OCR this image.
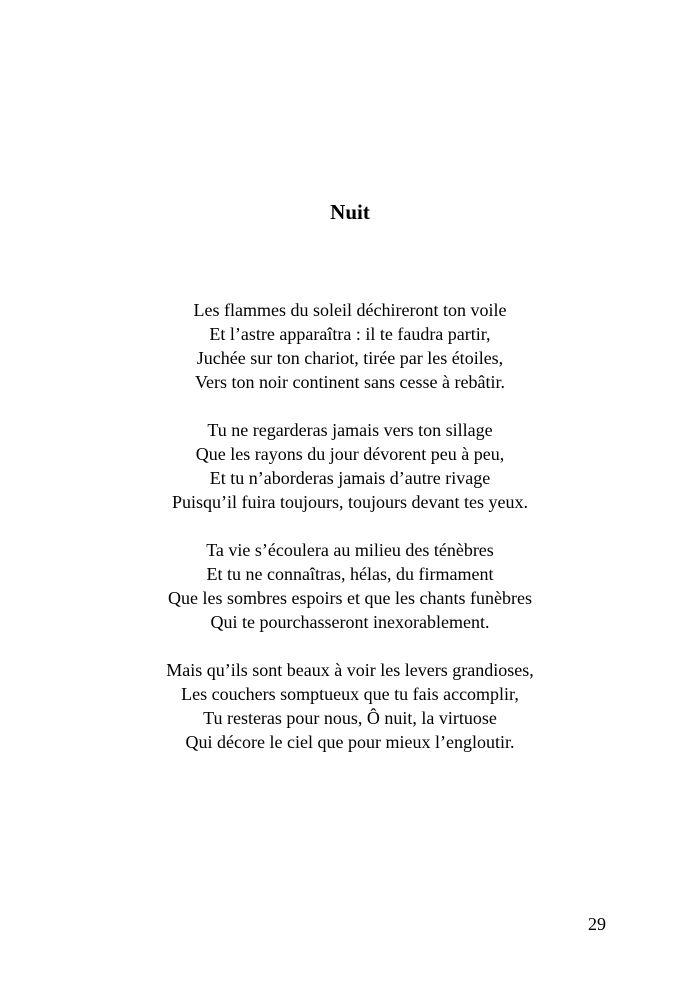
Nuit
Les flammes du soleil déchireront ton voile
Et l’astre apparaîtra : il te faudra partir,
Juchée sur ton chariot, tirée par les étoiles,
Vers ton noir continent sans cesse à rebâtir.
Tu ne regarderas jamais vers ton sillage
Que les rayons du jour dévorent peu à peu,
Et tu n’aborderas jamais d’autre rivage
Puisqu’il fuira toujours, toujours devant tes yeux.
Ta vie s’écoulera au milieu des ténèbres
Et tu ne connaîtras, hélas, du firmament
Que les sombres espoirs et que les chants funèbres
Qui te pourchasseront inexorablement.
Mais qu’ils sont beaux à voir les levers grandioses,
Les couchers somptueux que tu fais accomplir,
Tu resteras pour nous, Ô nuit, la virtuose
Qui décore le ciel que pour mieux l’engloutir.
29
